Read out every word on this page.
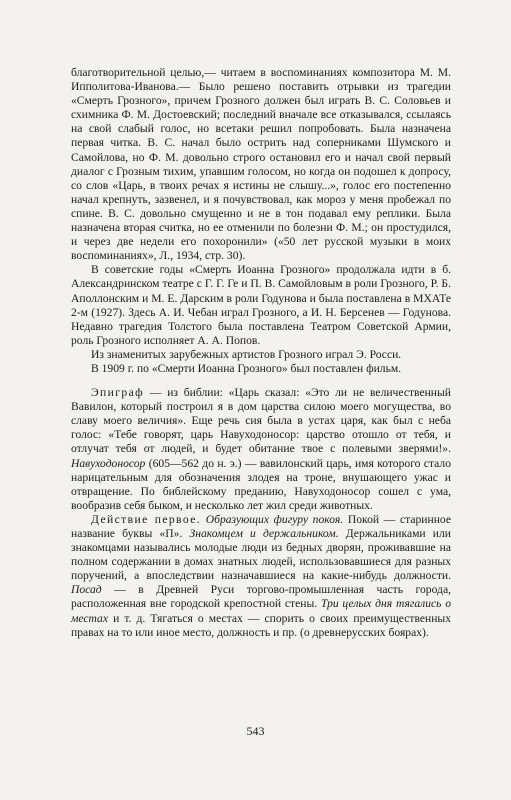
благотворительной целью,— читаем в воспоминаниях композитора М. М. Ипполитова-Иванова.— Было решено поставить отрывки из трагедии «Смерть Грозного», причем Грозного должен был играть В. С. Соловьев и схимника Ф. М. Достоевский; последний вначале все отказывался, ссылаясь на свой слабый голос, но всетаки решил попробовать. Была назначена первая читка. В. С. начал было острить над соперниками Шумского и Самойлова, но Ф. М. довольно строго остановил его и начал свой первый диалог с Грозным тихим, упавшим голосом, но когда он подошел к допросу, со слов «Царь, в твоих речах я истины не слышу...», голос его постепенно начал крепнуть, зазвенел, и я почувствовал, как мороз у меня пробежал по спине. В. С. довольно смущенно и не в тон подавал ему реплики. Была назначена вторая считка, но ее отменили по болезни Ф. М.; он простудился, и через две недели его похоронили» («50 лет русской музыки в моих воспоминаниях», Л., 1934, стр. 30).

В советские годы «Смерть Иоанна Грозного» продолжала идти в б. Александринском театре с Г. Г. Ге и П. В. Самойловым в роли Грозного, Р. Б. Аполлонским и М. Е. Дарским в роли Годунова и была поставлена в МХАТе 2-м (1927). Здесь А. И. Чебан играл Грозного, а И. Н. Берсенев — Годунова. Недавно трагедия Толстого была поставлена Театром Советской Армии, роль Грозного исполняет А. А. Попов.

Из знаменитых зарубежных артистов Грозного играл Э. Росси.

В 1909 г. по «Смерти Иоанна Грозного» был поставлен фильм.

Эпиграф — из библии: «Царь сказал: «Это ли не величественный Вавилон, который построил я в дом царства силою моего могущества, во славу моего величия». Еще речь сия была в устах царя, как был с неба голос: «Тебе говорят, царь Навуходоносор: царство отошло от тебя, и отлучат тебя от людей, и будет обитание твое с полевыми зверями!». Навуходоносор (605—562 до н. э.) — вавилонский царь, имя которого стало нарицательным для обозначения злодея на троне, внушающего ужас и отвращение. По библейскому преданию, Навуходоносор сошел с ума, вообразив себя быком, и несколько лет жил среди животных.

Действие первое. Образующих фигуру покоя. Покой — старинное название буквы «П». Знакомцем и держальником. Держальниками или знакомцами назывались молодые люди из бедных дворян, проживавшие на полном содержании в домах знатных людей, использовавшиеся для разных поручений, а впоследствии назначавшиеся на какие-нибудь должности. Посад — в Древней Руси торгово-промышленная часть города, расположенная вне городской крепостной стены. Три целых дня тягались о местах и т. д. Тягаться о местах — спорить о своих преимущественных правах на то или иное место, должность и пр. (о древнерусских боярах).

543
